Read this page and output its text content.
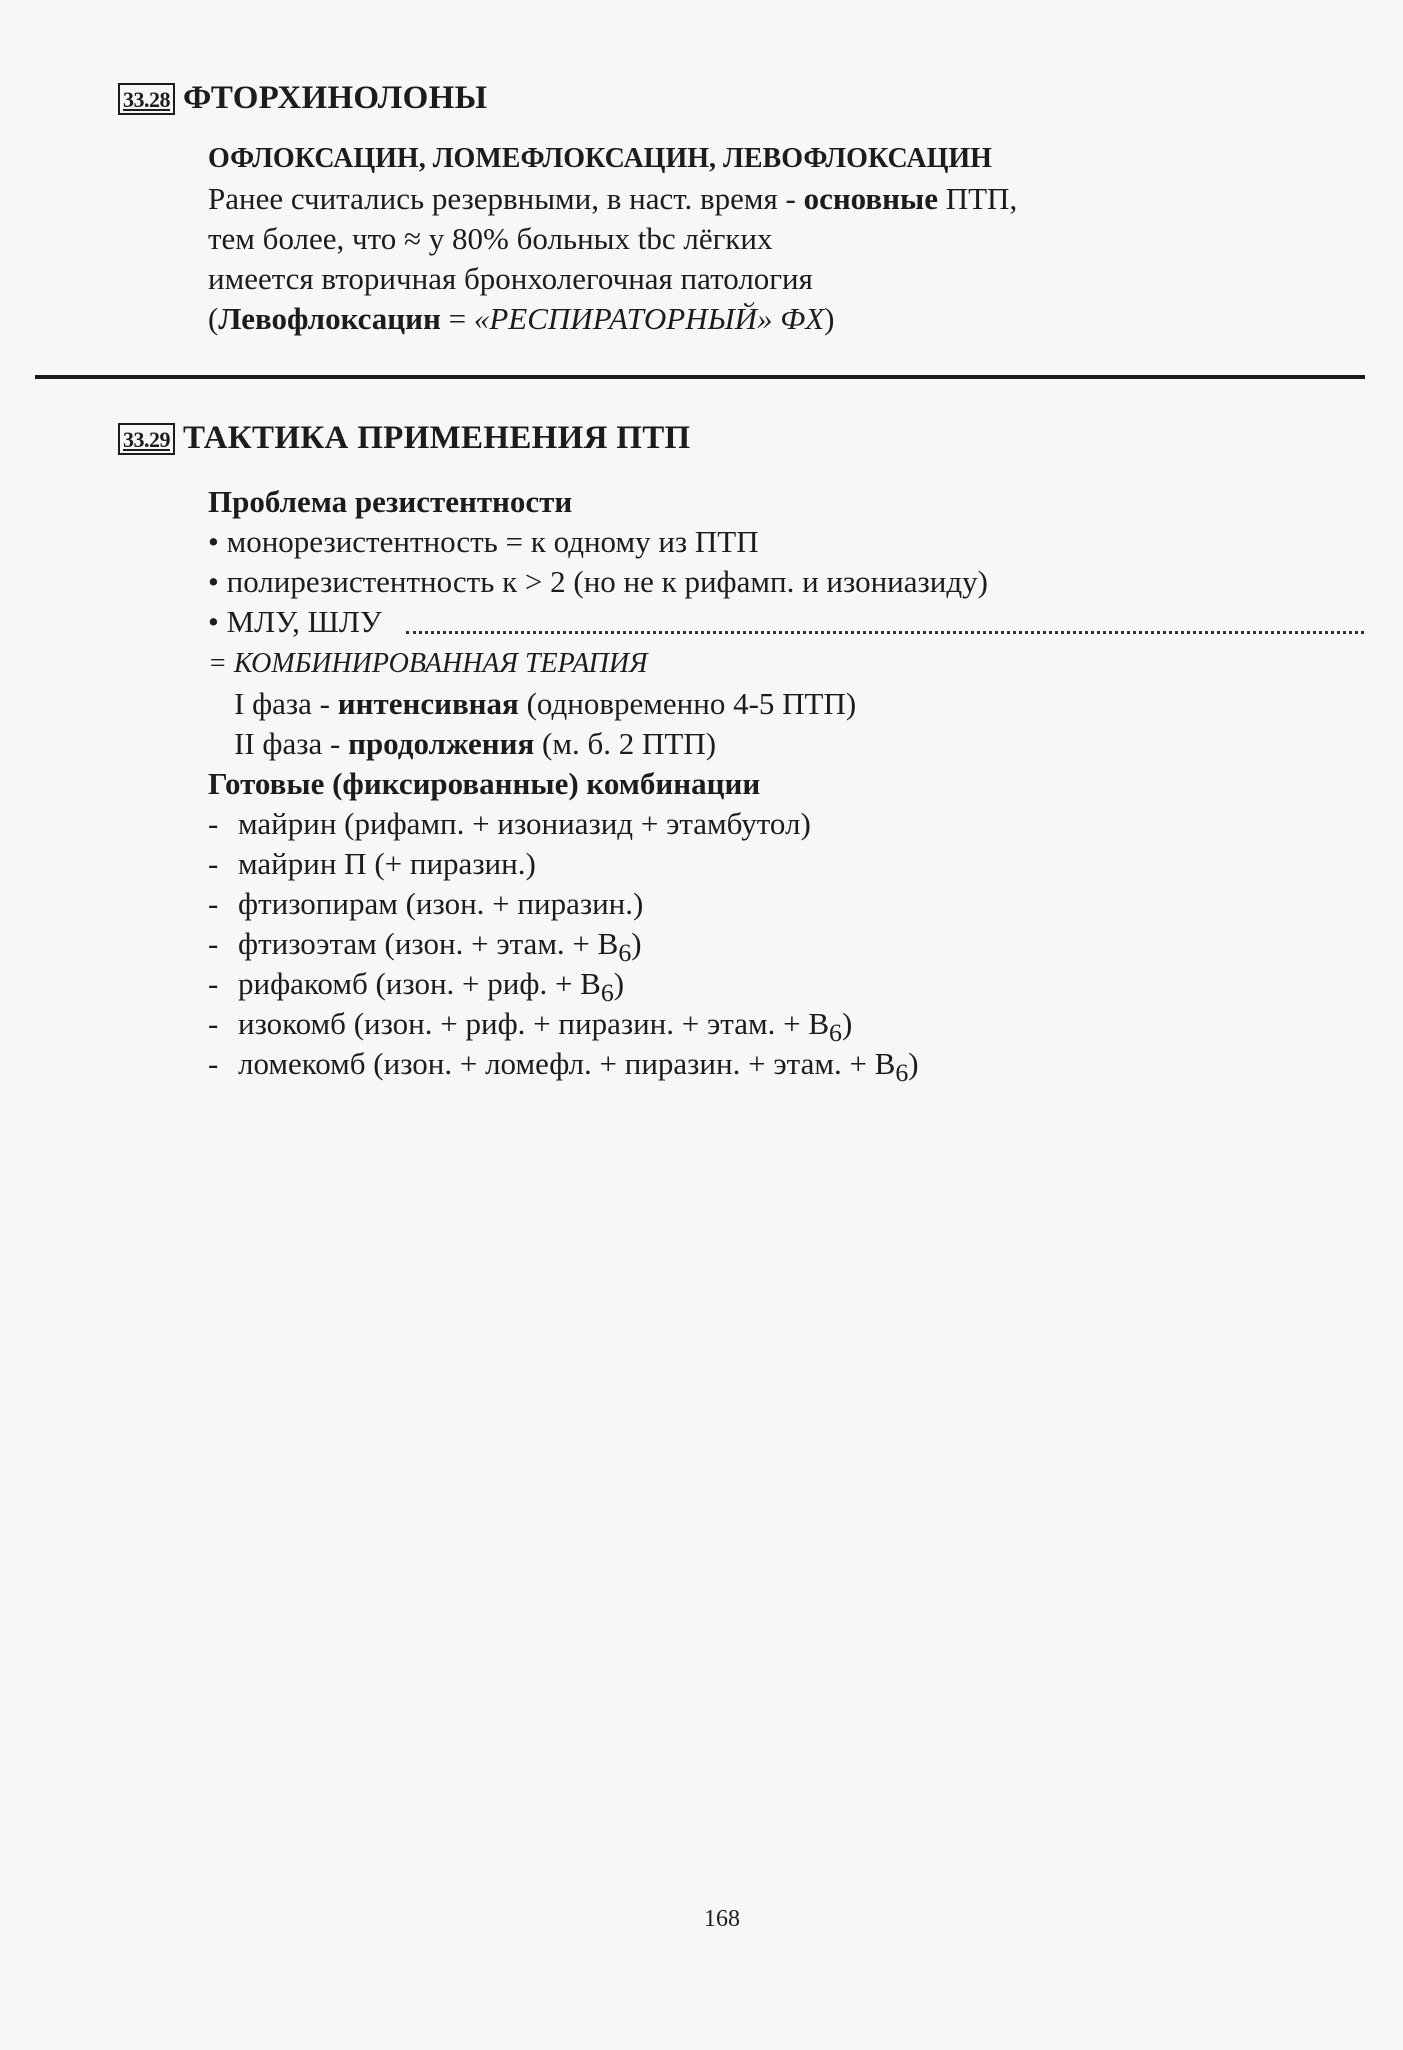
33.28 ФТОРХИНОЛОНЫ
ОФЛОКСАЦИН, ЛОМЕФЛОКСАЦИН, ЛЕВОФЛОКСАЦИН
Ранее считались резервными, в наст. время - основные ПТП,
тем более, что ≈ у 80% больных tbc лёгких
имеется вторичная бронхолегочная патология
(Левофлоксацин = «РЕСПИРАТОРНЫЙ» ФХ)
33.29 ТАКТИКА ПРИМЕНЕНИЯ ПТП
Проблема резистентности
• монорезистентность = к одному из ПТП
• полирезистентность к > 2 (но не к рифамп. и изониазиду)
• МЛУ, ШЛУ
= КОМБИНИРОВАННАЯ ТЕРАПИЯ
I фаза - интенсивная (одновременно 4-5 ПТП)
II фаза - продолжения (м. б. 2 ПТП)
Готовые (фиксированные) комбинации
- майрин (рифамп. + изониазид + этамбутол)
- майрин П (+ пиразин.)
- фтизопирам (изон. + пиразин.)
- фтизоэтам (изон. + этам. + $B_6$)
- рифакомб (изон. + риф. + $B_6$)
- изокомб (изон. + риф. + пиразин. + этам. + $B_6$)
- ломекомб (изон. + ломефл. + пиразин. + этам. + $B_6$)
168
